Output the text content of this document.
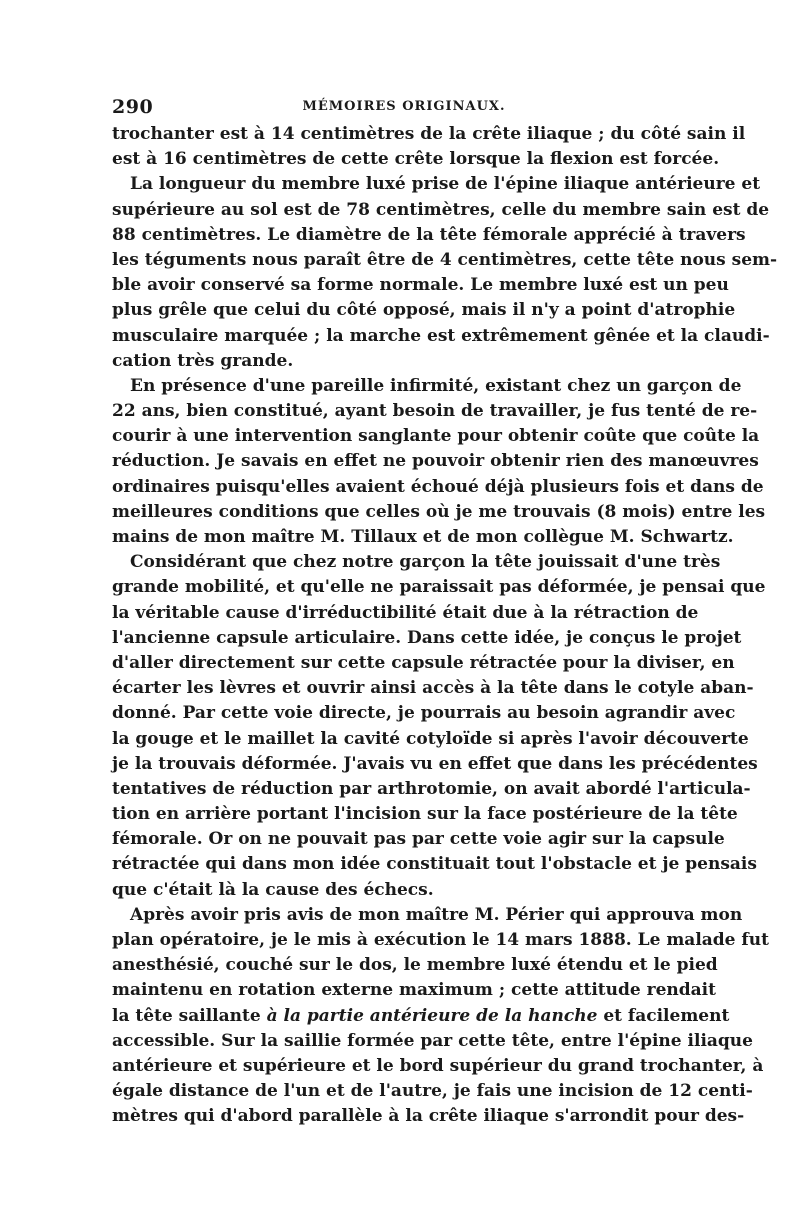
290	MÉMOIRES ORIGINAUX.
trochanter est à 14 centimètres de la crête iliaque ; du côté sain il
est à 16 centimètres de cette crête lorsque la flexion est forcée.
La longueur du membre luxé prise de l'épine iliaque antérieure et
supérieure au sol est de 78 centimètres, celle du membre sain est de
88 centimètres. Le diamètre de la tête fémorale apprécié à travers
les téguments nous paraît être de 4 centimètres, cette tête nous sem-
ble avoir conservé sa forme normale. Le membre luxé est un peu
plus grêle que celui du côté opposé, mais il n'y a point d'atrophie
musculaire marquée ; la marche est extrêmement gênée et la claudi-
cation très grande.
En présence d'une pareille infirmité, existant chez un garçon de
22 ans, bien constitué, ayant besoin de travailler, je fus tenté de re-
courir à une intervention sanglante pour obtenir coûte que coûte la
réduction. Je savais en effet ne pouvoir obtenir rien des manœuvres
ordinaires puisqu'elles avaient échoué déjà plusieurs fois et dans de
meilleures conditions que celles où je me trouvais (8 mois) entre les
mains de mon maître M. Tillaux et de mon collègue M. Schwartz.
Considérant que chez notre garçon la tête jouissait d'une très
grande mobilité, et qu'elle ne paraissait pas déformée, je pensai que
la véritable cause d'irréductibilité était due à la rétraction de
l'ancienne capsule articulaire. Dans cette idée, je conçus le projet
d'aller directement sur cette capsule rétractée pour la diviser, en
écarter les lèvres et ouvrir ainsi accès à la tête dans le cotyle aban-
donné. Par cette voie directe, je pourrais au besoin agrandir avec
la gouge et le maillet la cavité cotyloïde si après l'avoir découverte
je la trouvais déformée. J'avais vu en effet que dans les précédentes
tentatives de réduction par arthrotomie, on avait abordé l'articula-
tion en arrière portant l'incision sur la face postérieure de la tête
fémorale. Or on ne pouvait pas par cette voie agir sur la capsule
rétractée qui dans mon idée constituait tout l'obstacle et je pensais
que c'était là la cause des échecs.
Après avoir pris avis de mon maître M. Périer qui approuva mon
plan opératoire, je le mis à exécution le 14 mars 1888. Le malade fut
anesthésié, couché sur le dos, le membre luxé étendu et le pied
maintenu en rotation externe maximum ; cette attitude rendait
la tête saillante à la partie antérieure de la hanche et facilement
accessible. Sur la saillie formée par cette tête, entre l'épine iliaque
antérieure et supérieure et le bord supérieur du grand trochanter, à
égale distance de l'un et de l'autre, je fais une incision de 12 centi-
mètres qui d'abord parallèle à la crête iliaque s'arrondit pour des-
